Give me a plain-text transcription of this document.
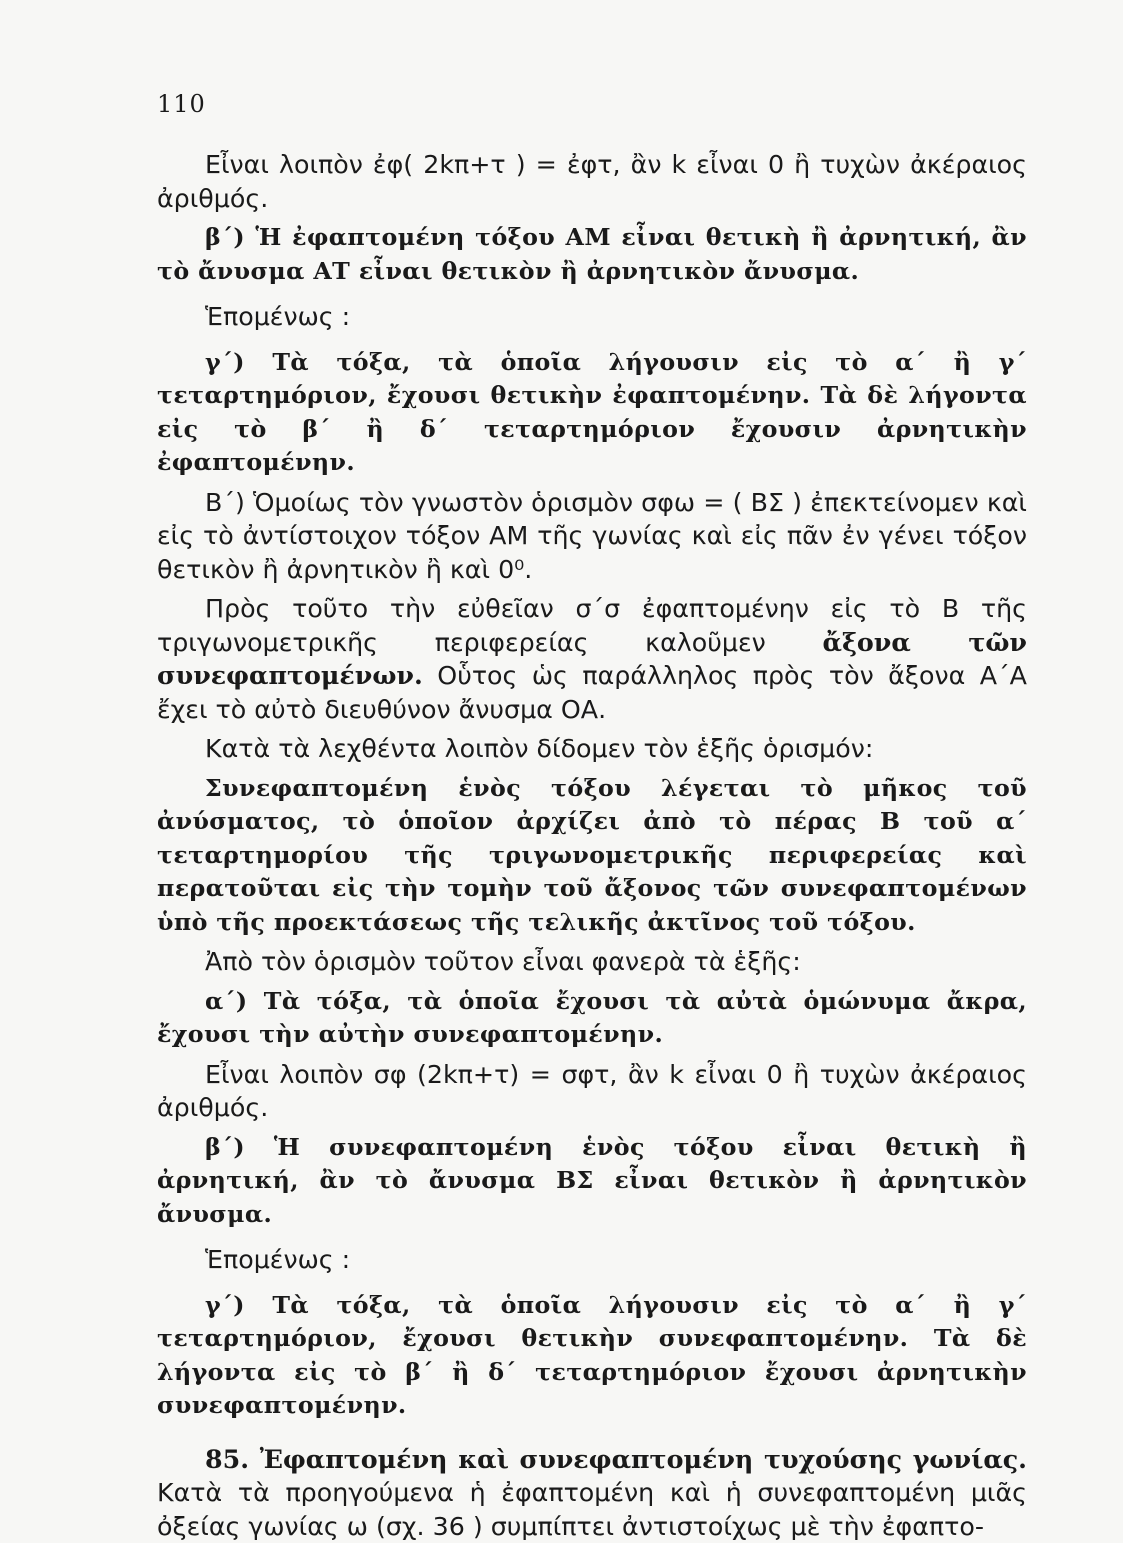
110

Εἶναι λοιπὸν ἐφ( 2kπ+τ ) = ἐφτ, ἂν k εἶναι 0 ἢ τυχὼν ἀκέραιος ἀριθμός.

β΄) Ἡ ἐφαπτομένη τόξου ΑΜ εἶναι θετικὴ ἢ ἀρνητική, ἂν τὸ ἄνυσμα ΑΤ εἶναι θετικὸν ἢ ἀρνητικὸν ἄνυσμα.

Ἑπομένως :

γ΄) Τὰ τόξα, τὰ ὁποῖα λήγουσιν εἰς τὸ α΄ ἢ γ΄ τεταρτημόριον, ἔχουσι θετικὴν ἐφαπτομένην. Τὰ δὲ λήγοντα εἰς τὸ β΄ ἢ δ΄ τεταρτημόριον ἔχουσιν ἀρνητικὴν ἐφαπτομένην.

Β΄) Ὁμοίως τὸν γνωστὸν ὁρισμὸν σφω = ( ΒΣ ) ἐπεκτείνομεν καὶ εἰς τὸ ἀντίστοιχον τόξον ΑΜ τῆς γωνίας καὶ εἰς πᾶν ἐν γένει τόξον θετικὸν ἢ ἀρνητικὸν ἢ καὶ 0⁰.

Πρὸς τοῦτο τὴν εὐθεῖαν σ΄σ ἐφαπτομένην εἰς τὸ Β τῆς τριγωνομετρικῆς περιφερείας καλοῦμεν ἄξονα τῶν συνεφαπτομένων. Οὗτος ὡς παράλληλος πρὸς τὸν ἄξονα Α΄Α ἔχει τὸ αὐτὸ διευθύνον ἄνυσμα ΟΑ.

Κατὰ τὰ λεχθέντα λοιπὸν δίδομεν τὸν ἑξῆς ὁρισμόν:

Συνεφαπτομένη ἑνὸς τόξου λέγεται τὸ μῆκος τοῦ ἀνύσματος, τὸ ὁποῖον ἀρχίζει ἀπὸ τὸ πέρας Β τοῦ α΄ τεταρτημορίου τῆς τριγωνομετρικῆς περιφερείας καὶ περατοῦται εἰς τὴν τομὴν τοῦ ἄξονος τῶν συνεφαπτομένων ὑπὸ τῆς προεκτάσεως τῆς τελικῆς ἀκτῖνος τοῦ τόξου.

Ἀπὸ τὸν ὁρισμὸν τοῦτον εἶναι φανερὰ τὰ ἑξῆς:

α΄) Τὰ τόξα, τὰ ὁποῖα ἔχουσι τὰ αὐτὰ ὁμώνυμα ἄκρα, ἔχουσι τὴν αὐτὴν συνεφαπτομένην.

Εἶναι λοιπὸν σφ (2kπ+τ) = σφτ, ἂν k εἶναι 0 ἢ τυχὼν ἀκέραιος ἀριθμός.

β΄) Ἡ συνεφαπτομένη ἑνὸς τόξου εἶναι θετικὴ ἢ ἀρνητική, ἂν τὸ ἄνυσμα ΒΣ εἶναι θετικὸν ἢ ἀρνητικὸν ἄνυσμα.

Ἑπομένως :

γ΄) Τὰ τόξα, τὰ ὁποῖα λήγουσιν εἰς τὸ α΄ ἢ γ΄ τεταρτημόριον, ἔχουσι θετικὴν συνεφαπτομένην. Τὰ δὲ λήγοντα εἰς τὸ β΄ ἢ δ΄ τεταρτημόριον ἔχουσι ἀρνητικὴν συνεφαπτομένην.

85. Ἐφαπτομένη καὶ συνεφαπτομένη τυχούσης γωνίας. Κατὰ τὰ προηγούμενα ἡ ἐφαπτομένη καὶ ἡ συνεφαπτομένη μιᾶς ὀξείας γωνίας ω (σχ. 36 ) συμπίπτει ἀντιστοίχως μὲ τὴν ἐφαπτο-
